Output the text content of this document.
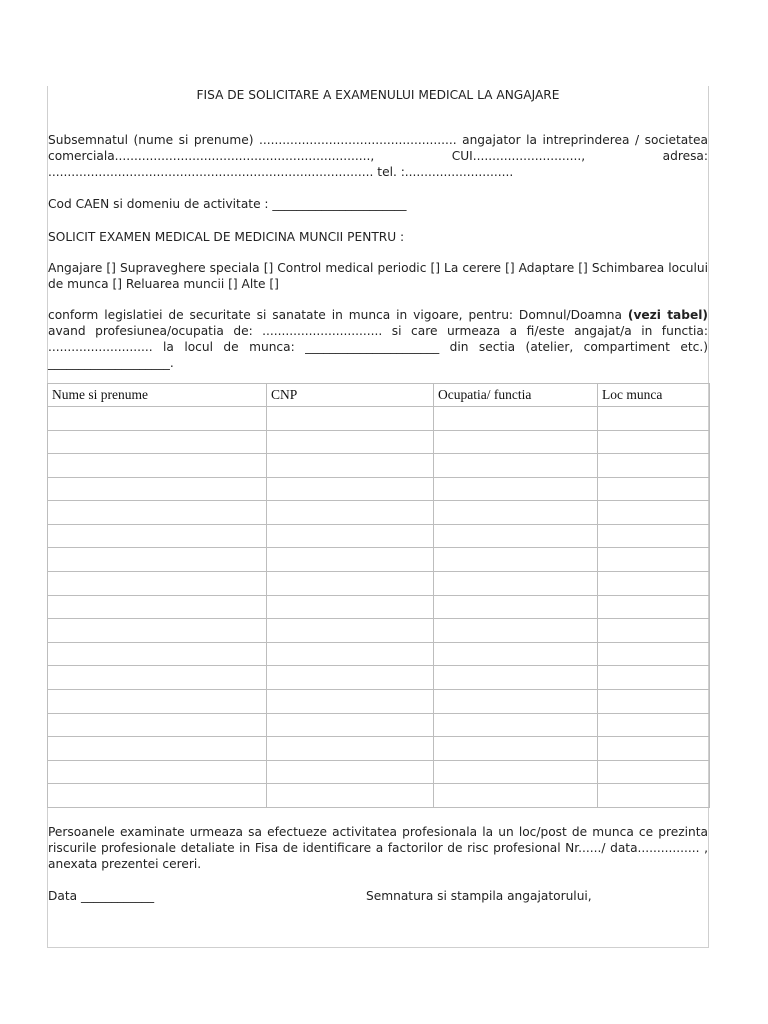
FISA DE SOLICITARE A EXAMENULUI MEDICAL LA ANGAJARE

Subsemnatul (nume si prenume) ................................................... angajator la intreprinderea / societatea comerciala.................................................................., CUI............................, adresa: .................................................................................... tel. :............................

Cod CAEN si domeniu de activitate : ______________________

SOLICIT EXAMEN MEDICAL DE MEDICINA MUNCII PENTRU :

Angajare [] Supraveghere speciala [] Control medical periodic [] La cerere [] Adaptare [] Schimbarea locului de munca [] Reluarea muncii [] Alte []

conform legislatiei de securitate si sanatate in munca in vigoare, pentru: Domnul/Doamna (vezi tabel) avand profesiunea/ocupatia de: ............................... si care urmeaza a fi/este angajat/a in functia: ........................... la locul de munca: ______________________ din sectia (atelier, compartiment etc.) ____________________.

Nume si prenume	CNP	Ocupatia/ functia	Loc munca

Persoanele examinate urmeaza sa efectueze activitatea profesionala la un loc/post de munca ce prezinta riscurile profesionale detaliate in Fisa de identificare a factorilor de risc profesional Nr....../ data................ , anexata prezentei cereri.

Data ____________	Semnatura si stampila angajatorului,
